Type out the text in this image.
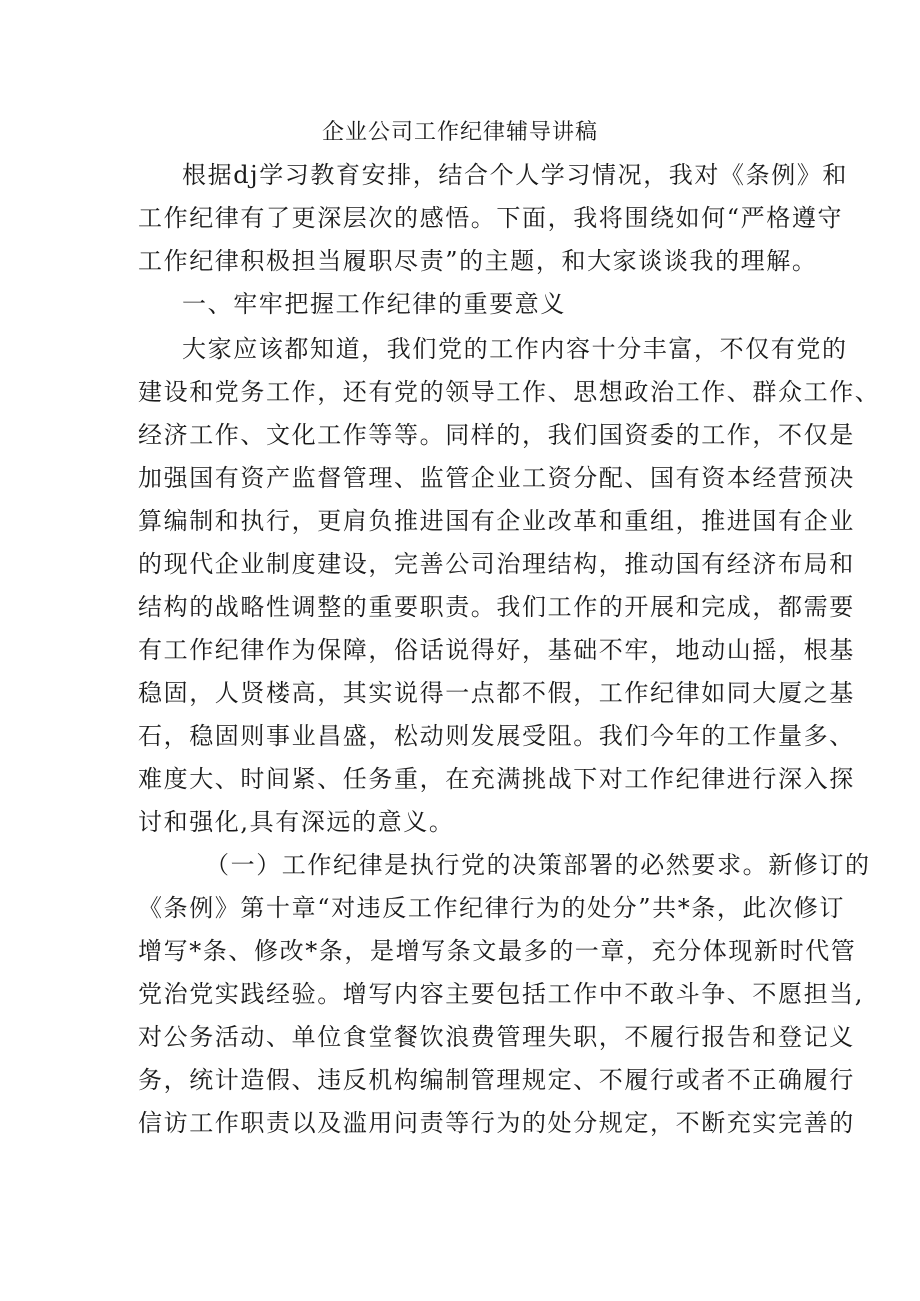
企业公司工作纪律辅导讲稿
根据dj学习教育安排，结合个人学习情况，我对《条例》和
工作纪律有了更深层次的感悟。下面，我将围绕如何“严格遵守
工作纪律积极担当履职尽责”的主题，和大家谈谈我的理解。
一、牢牢把握工作纪律的重要意义
大家应该都知道，我们党的工作内容十分丰富，不仅有党的
建设和党务工作，还有党的领导工作、思想政治工作、群众工作、
经济工作、文化工作等等。同样的，我们国资委的工作，不仅是
加强国有资产监督管理、监管企业工资分配、国有资本经营预决
算编制和执行，更肩负推进国有企业改革和重组，推进国有企业
的现代企业制度建设，完善公司治理结构，推动国有经济布局和
结构的战略性调整的重要职责。我们工作的开展和完成，都需要
有工作纪律作为保障，俗话说得好，基础不牢，地动山摇，根基
稳固，人贤楼高，其实说得一点都不假，工作纪律如同大厦之基
石，稳固则事业昌盛，松动则发展受阻。我们今年的工作量多、
难度大、时间紧、任务重，在充满挑战下对工作纪律进行深入探
讨和强化,具有深远的意义。
（一）工作纪律是执行党的决策部署的必然要求。新修订的
《条例》第十章“对违反工作纪律行为的处分”共*条，此次修订
增写*条、修改*条，是增写条文最多的一章，充分体现新时代管
党治党实践经验。增写内容主要包括工作中不敢斗争、不愿担当,
对公务活动、单位食堂餐饮浪费管理失职，不履行报告和登记义
务，统计造假、违反机构编制管理规定、不履行或者不正确履行
信访工作职责以及滥用问责等行为的处分规定，不断充实完善的
